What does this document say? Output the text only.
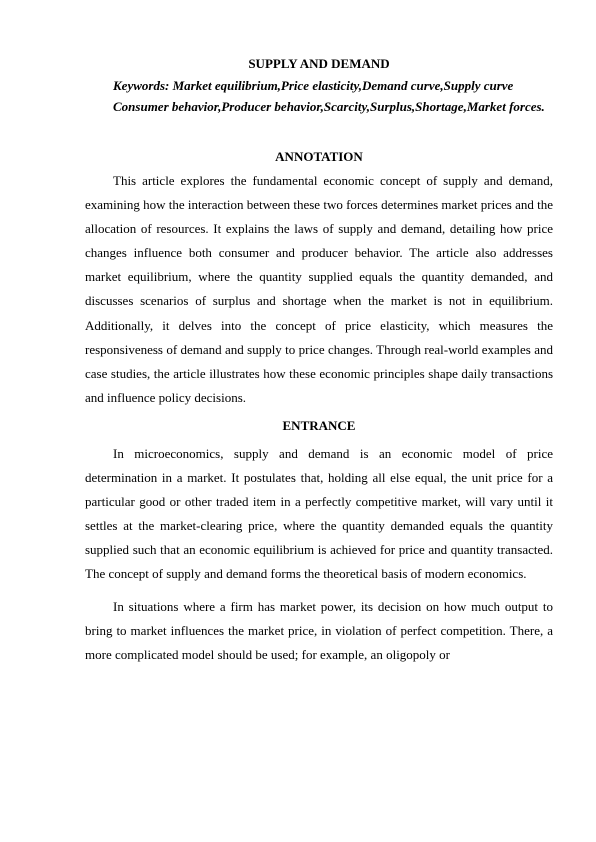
SUPPLY AND DEMAND

Keywords: Market equilibrium,Price elasticity,Demand curve,Supply curve

Consumer behavior,Producer behavior,Scarcity,Surplus,Shortage,Market forces.

ANNOTATION

This article explores the fundamental economic concept of supply and demand, examining how the interaction between these two forces determines market prices and the allocation of resources. It explains the laws of supply and demand, detailing how price changes influence both consumer and producer behavior. The article also addresses market equilibrium, where the quantity supplied equals the quantity demanded, and discusses scenarios of surplus and shortage when the market is not in equilibrium. Additionally, it delves into the concept of price elasticity, which measures the responsiveness of demand and supply to price changes. Through real-world examples and case studies, the article illustrates how these economic principles shape daily transactions and influence policy decisions.

ENTRANCE

In microeconomics, supply and demand is an economic model of price determination in a market. It postulates that, holding all else equal, the unit price for a particular good or other traded item in a perfectly competitive market, will vary until it settles at the market-clearing price, where the quantity demanded equals the quantity supplied such that an economic equilibrium is achieved for price and quantity transacted. The concept of supply and demand forms the theoretical basis of modern economics.

In situations where a firm has market power, its decision on how much output to bring to market influences the market price, in violation of perfect competition. There, a more complicated model should be used; for example, an oligopoly or
